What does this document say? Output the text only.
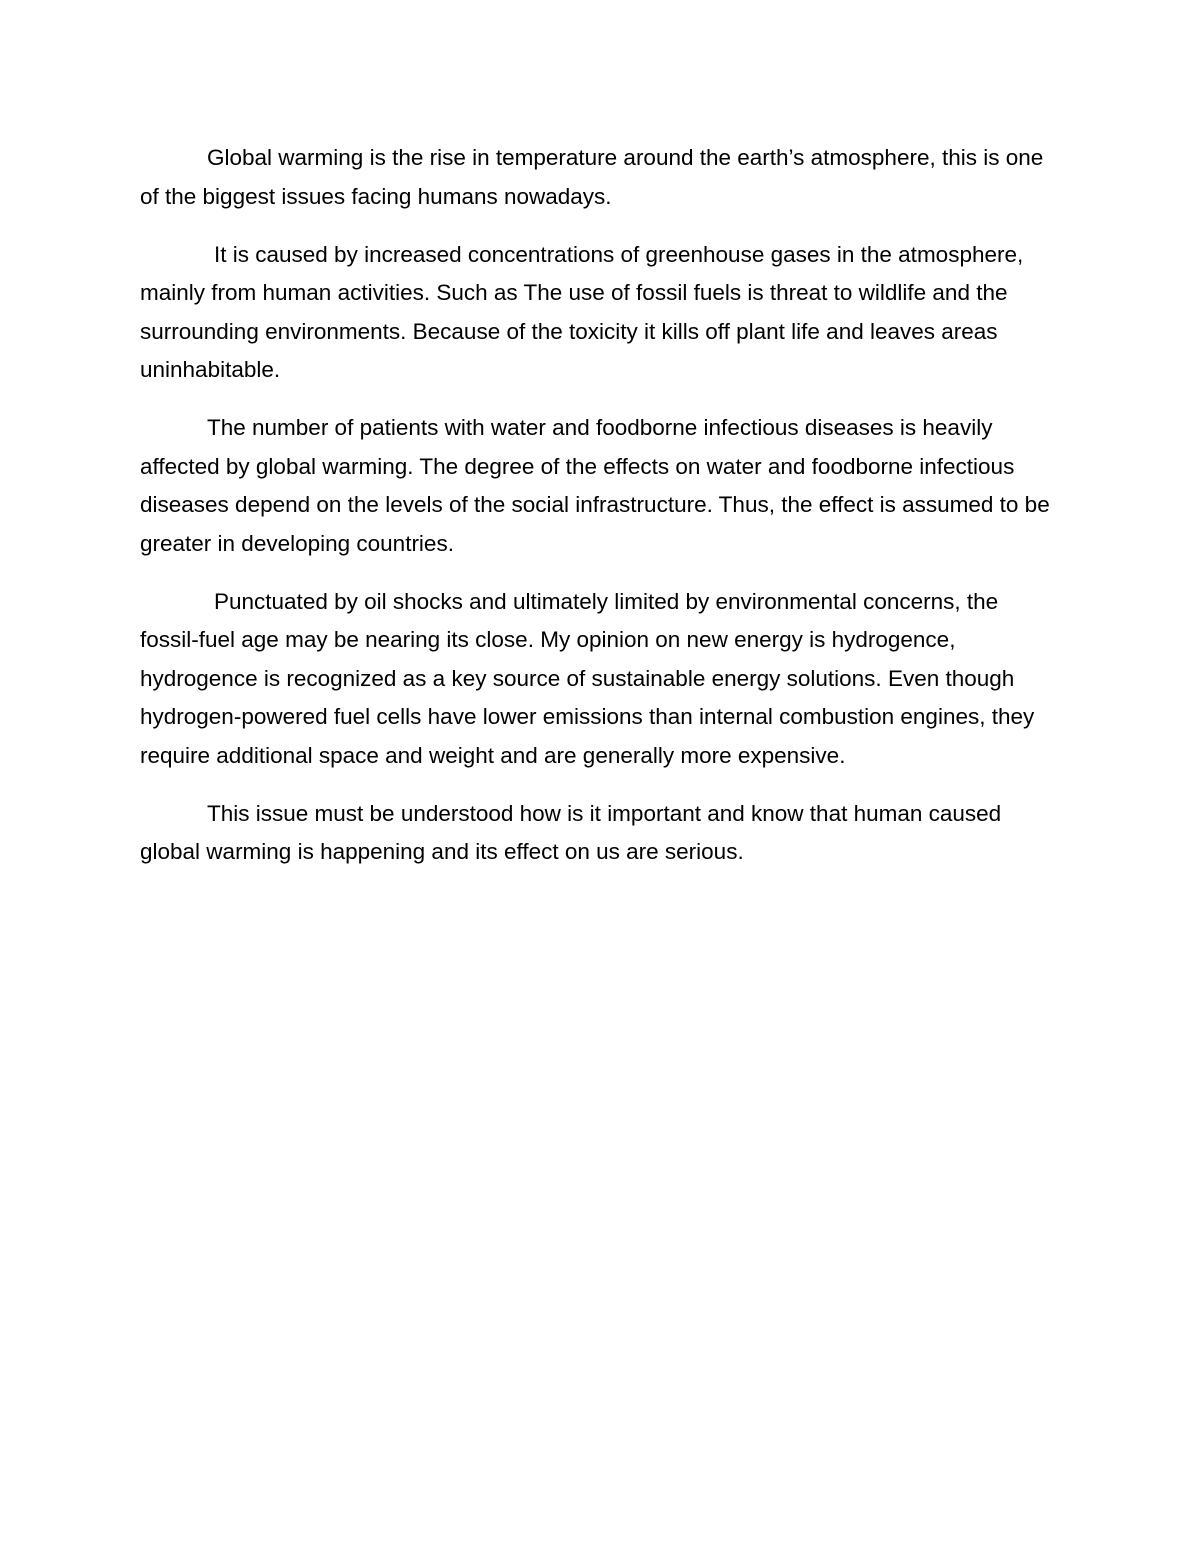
Global warming is the rise in temperature around the earth’s atmosphere, this is one of the biggest issues facing humans nowadays.

It is caused by increased concentrations of greenhouse gases in the atmosphere, mainly from human activities. Such as The use of fossil fuels is threat to wildlife and the surrounding environments. Because of the toxicity it kills off plant life and leaves areas uninhabitable.

The number of patients with water and foodborne infectious diseases is heavily affected by global warming. The degree of the effects on water and foodborne infectious diseases depend on the levels of the social infrastructure. Thus, the effect is assumed to be greater in developing countries.

Punctuated by oil shocks and ultimately limited by environmental concerns, the fossil-fuel age may be nearing its close. My opinion on new energy is hydrogence, hydrogence is recognized as a key source of sustainable energy solutions. Even though hydrogen-powered fuel cells have lower emissions than internal combustion engines, they require additional space and weight and are generally more expensive.

This issue must be understood how is it important and know that human caused global warming is happening and its effect on us are serious.
